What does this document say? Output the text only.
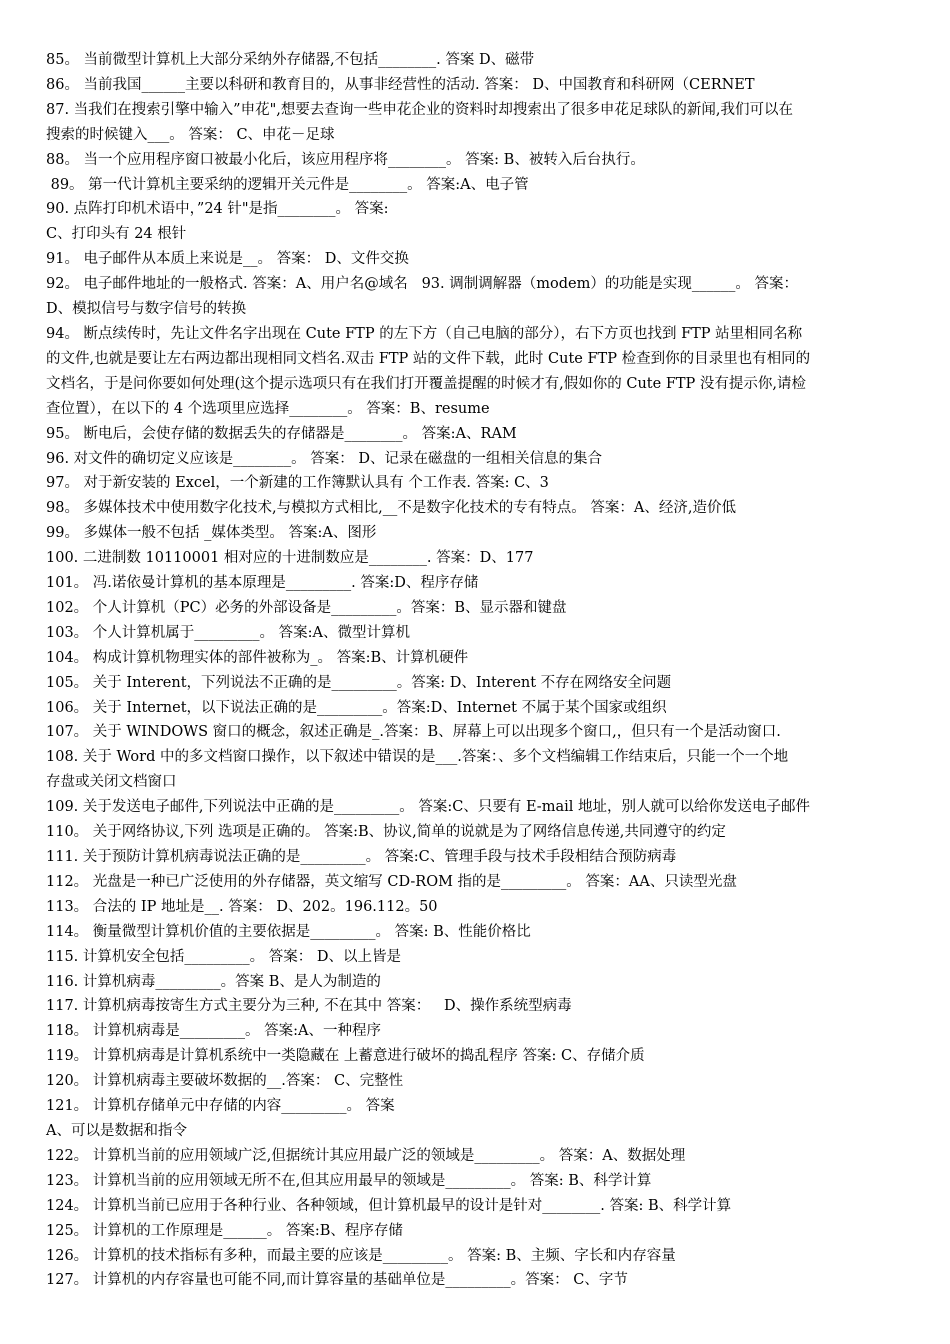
85。 当前微型计算机上大部分采纳外存储器,不包括________. 答案 D、磁带

86。 当前我国______主要以科研和教育目的，从事非经营性的活动. 答案： D、中国教育和科研网（CERNET

87. 当我们在搜索引擎中输入”申花",想要去查询一些申花企业的资料时却搜索出了很多申花足球队的新闻,我们可以在

搜索的时候键入___。 答案： C、申花－足球

88。 当一个应用程序窗口被最小化后，该应用程序将________。 答案: B、被转入后台执行。

89。 第一代计算机主要采纳的逻辑开关元件是________。 答案:A、电子管

90. 点阵打印机术语中，”24 针"是指________。 答案:

C、打印头有 24 根针

91。 电子邮件从本质上来说是__。 答案： D、文件交换

92。 电子邮件地址的一般格式. 答案：A、用户名@域名   93. 调制调解器（modem）的功能是实现______。 答案：

D、模拟信号与数字信号的转换

94。 断点续传时，先让文件名字出现在 Cute FTP 的左下方（自己电脑的部分），右下方页也找到 FTP 站里相同名称

的文件,也就是要让左右两边都出现相同文档名.双击 FTP 站的文件下载，此时 Cute FTP 检查到你的目录里也有相同的

文档名，于是问你要如何处理(这个提示选项只有在我们打开覆盖提醒的时候才有,假如你的 Cute FTP 没有提示你,请检

查位置），在以下的 4 个选项里应选择________。 答案：B、resume

95。 断电后，会使存储的数据丢失的存储器是________。 答案:A、RAM

96. 对文件的确切定义应该是________。 答案： D、记录在磁盘的一组相关信息的集合

97。 对于新安装的 Excel，一个新建的工作簿默认具有 个工作表. 答案: C、3

98。 多媒体技术中使用数字化技术,与模拟方式相比,__不是数字化技术的专有特点。 答案：A、经济,造价低

99。 多媒体一般不包括 _媒体类型。 答案:A、图形

100. 二进制数 10110001 相对应的十进制数应是________. 答案：D、177

101。 冯.诺依曼计算机的基本原理是_________. 答案:D、程序存储

102。 个人计算机（PC）必务的外部设备是_________。答案：B、显示器和键盘

103。 个人计算机属于_________。 答案:A、微型计算机

104。 构成计算机物理实体的部件被称为_。 答案:B、计算机硬件

105。 关于 Interent，下列说法不正确的是_________。答案: D、Interent 不存在网络安全问题

106。 关于 Internet，以下说法正确的是_________。答案:D、Internet 不属于某个国家或组织

107。 关于 WINDOWS 窗口的概念，叙述正确是_.答案：B、屏幕上可以出现多个窗口,，但只有一个是活动窗口.

108. 关于 Word 中的多文档窗口操作，以下叙述中错误的是___.答案：、多个文档编辑工作结束后，只能一个一个地

存盘或关闭文档窗口

109. 关于发送电子邮件,下列说法中正确的是_________。 答案:C、只要有 E-mail 地址，别人就可以给你发送电子邮件

110。 关于网络协议,下列 选项是正确的。 答案:B、协议,简单的说就是为了网络信息传递,共同遵守的约定

111. 关于预防计算机病毒说法正确的是_________。 答案:C、管理手段与技术手段相结合预防病毒

112。 光盘是一种已广泛使用的外存储器，英文缩写 CD-ROM 指的是_________。 答案：AA、只读型光盘

113。 合法的 IP 地址是__. 答案： D、202。196.112。50

114。 衡量微型计算机价值的主要依据是_________。 答案: B、性能价格比

115. 计算机安全包括_________。 答案： D、以上皆是

116. 计算机病毒_________。答案 B、是人为制造的

117. 计算机病毒按寄生方式主要分为三种, 不在其中 答案：   D、操作系统型病毒

118。 计算机病毒是_________。 答案:A、一种程序

119。 计算机病毒是计算机系统中一类隐藏在 上蓄意进行破坏的捣乱程序 答案: C、存储介质

120。 计算机病毒主要破坏数据的__.答案： C、完整性

121。 计算机存储单元中存储的内容_________。 答案

A、可以是数据和指令

122。 计算机当前的应用领域广泛,但据统计其应用最广泛的领域是_________。 答案：A、数据处理

123。 计算机当前的应用领域无所不在,但其应用最早的领域是_________。 答案: B、科学计算

124。 计算机当前已应用于各种行业、各种领域，但计算机最早的设计是针对________. 答案: B、科学计算

125。 计算机的工作原理是______。 答案:B、程序存储

126。 计算机的技术指标有多种，而最主要的应该是_________。 答案: B、主频、字长和内存容量

127。 计算机的内存容量也可能不同,而计算容量的基础单位是_________。答案： C、字节
